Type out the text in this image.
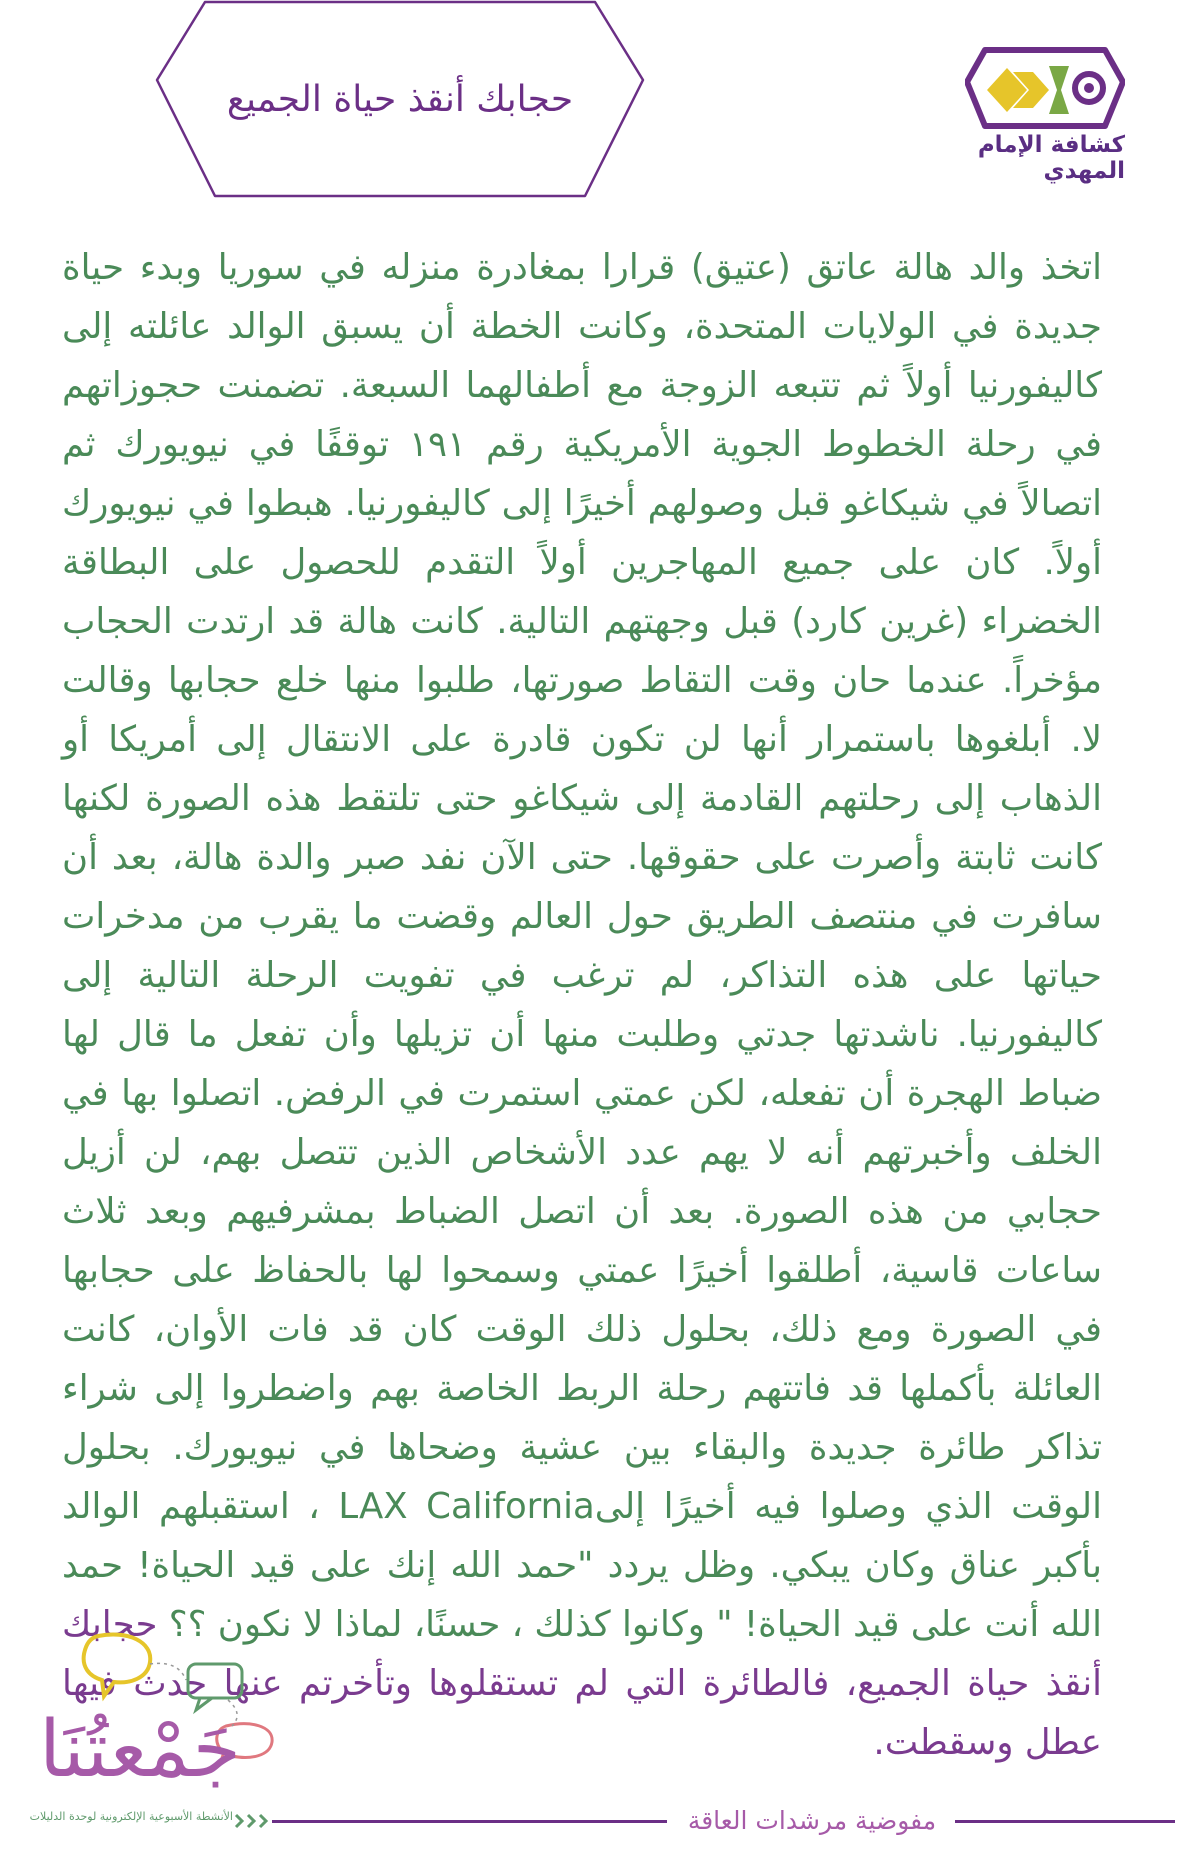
حجابك أنقذ حياة الجميع
كشافة الإمام المهدي
اتخذ والد هالة عاتق (عتيق) قرارا بمغادرة منزله في سوريا وبدء حياة جديدة في الولايات المتحدة، وكانت الخطة أن يسبق الوالد عائلته إلى كاليفورنيا أولاً ثم تتبعه الزوجة مع أطفالهما السبعة. تضمنت حجوزاتهم في رحلة الخطوط الجوية الأمريكية رقم ١٩١ توقفًا في نيويورك ثم اتصالاً في شيكاغو قبل وصولهم أخيرًا إلى كاليفورنيا. هبطوا في نيويورك أولاً. كان على جميع المهاجرين أولاً التقدم للحصول على البطاقة الخضراء (غرين كارد) قبل وجهتهم التالية. كانت هالة قد ارتدت الحجاب مؤخراً. عندما حان وقت التقاط صورتها، طلبوا منها خلع حجابها وقالت لا. أبلغوها باستمرار أنها لن تكون قادرة على الانتقال إلى أمريكا أو الذهاب إلى رحلتهم القادمة إلى شيكاغو حتى تلتقط هذه الصورة لكنها كانت ثابتة وأصرت على حقوقها. حتى الآن نفد صبر والدة هالة، بعد أن سافرت في منتصف الطريق حول العالم وقضت ما يقرب من مدخرات حياتها على هذه التذاكر، لم ترغب في تفويت الرحلة التالية إلى كاليفورنيا. ناشدتها جدتي وطلبت منها أن تزيلها وأن تفعل ما قال لها ضباط الهجرة أن تفعله، لكن عمتي استمرت في الرفض. اتصلوا بها في الخلف وأخبرتهم أنه لا يهم عدد الأشخاص الذين تتصل بهم، لن أزيل حجابي من هذه الصورة. بعد أن اتصل الضباط بمشرفيهم وبعد ثلاث ساعات قاسية، أطلقوا أخيرًا عمتي وسمحوا لها بالحفاظ على حجابها في الصورة ومع ذلك، بحلول ذلك الوقت كان قد فات الأوان، كانت العائلة بأكملها قد فاتتهم رحلة الربط الخاصة بهم واضطروا إلى شراء تذاكر طائرة جديدة والبقاء بين عشية وضحاها في نيويورك. بحلول الوقت الذي وصلوا فيه أخيرًا إلىLAX California ، استقبلهم الوالد بأكبر عناق وكان يبكي. وظل يردد "حمد الله إنك على قيد الحياة! حمد الله أنت على قيد الحياة! " وكانوا كذلك ، حسنًا، لماذا لا نكون ؟؟ حجابك أنقذ حياة الجميع، فالطائرة التي لم تستقلوها وتأخرتم عنها حدث فيها عطل وسقطت.
جَمْعتُنَا
الأنشطة الأسبوعية الإلكترونية لوحدة الدليلات	مفوضية مرشدات العاقة
